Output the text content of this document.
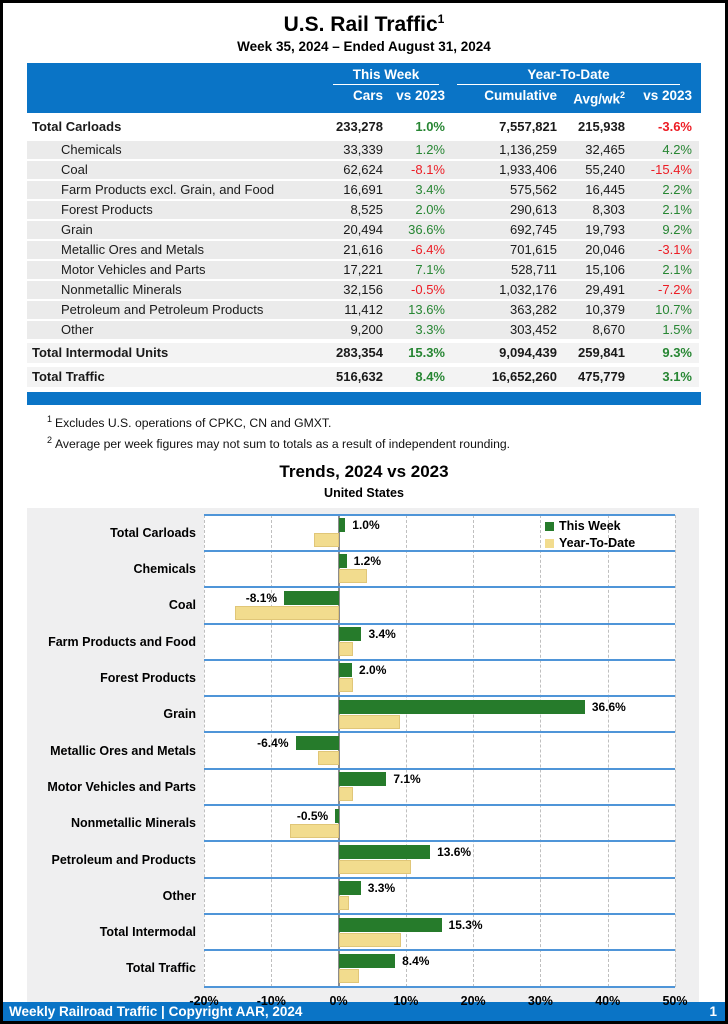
U.S. Rail Traffic$^1$
Week 35, 2024 – Ended August 31, 2024
This Week	Year-To-Date
Cars vs 2023	Cumulative	Avg/$wk^2$	vs 2023
Total Carloads	233,278	1.0%	7,557,821	215,938	-3.6%
Chemicals	33,339	1.2%	1,136,259	32,465	4.2%
Coal	62,624	-8.1%	1,933,406	55,240	-15.4%
Farm Products excl. Grain, and Food	16,691	3.4%	575,562	16,445	2.2%
Forest Products	8,525	2.0%	290,613	8,303	2.1%
Grain	20,494	36.6%	692,745	19,793	9.2%
Metallic Ores and Metals	21,616	-6.4%	701,615	20,046	-3.1%
Motor Vehicles and Parts	17,221	7.1%	528,711	15,106	2.1%
Nonmetallic Minerals	32,156	-0.5%	1,032,176	29,491	-7.2%
Petroleum and Petroleum Products	11,412	13.6%	363,282	10,379	10.7%
Other	9,200	3.3%	303,452	8,670	1.5%
Total Intermodal Units	283,354	15.3%	9,094,439	259,841	9.3%
Total Traffic	516,632	8.4%	16,652,260	475,779	3.1%
$^1$ Excludes U.S. operations of CPKC, CN and GMXT.
$^2$ Average per week figures may not sum to totals as a result of independent rounding.
Trends, 2024 vs 2023
United States
-20%	-10%	0%	10%	20%	30%	40%	50%
Total Carloads
1.0%
Chemicals
1.2%
Coal
-8.1%
Farm Products and Food
3.4%
Forest Products
2.0%
Grain
36.6%
Metallic Ores and Metals
-6.4%
Motor Vehicles and Parts
7.1%
Nonmetallic Minerals
-0.5%
Petroleum and Products
13.6%
Other
3.3%
Total Intermodal
15.3%
Total Traffic
8.4%
This Week
Year-To-Date
Weekly Railroad Traffic | Copyright AAR, 2024	1
